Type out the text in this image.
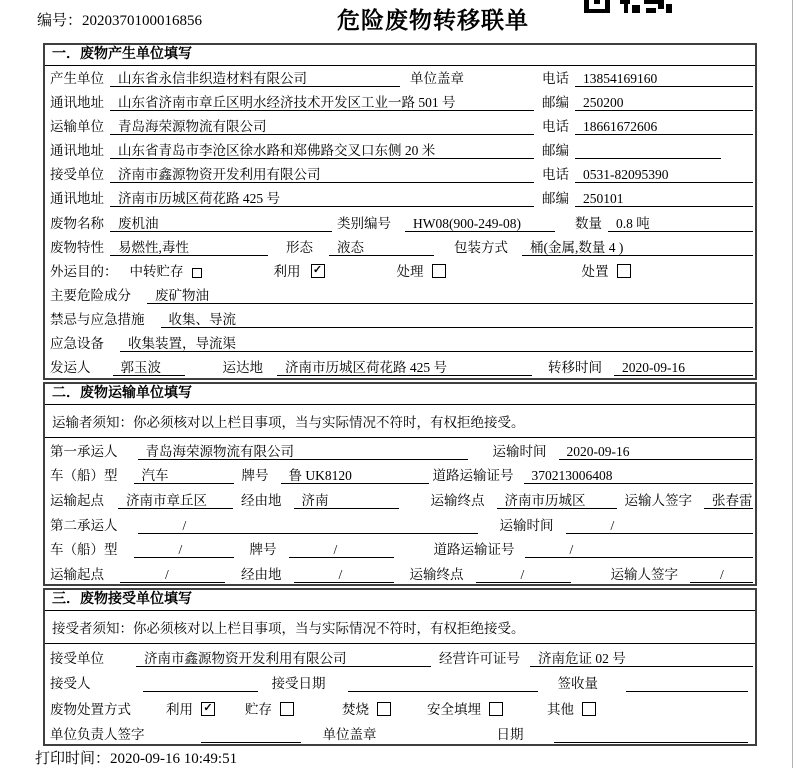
编号：2020370100016856	危险废物转移联单
一．废物产生单位填写
产生单位	山东省永信非织造材料有限公司	单位盖章	电话	13854169160
通讯地址	山东省济南市章丘区明水经济技术开发区工业一路 501 号	邮编	250200
运输单位	青岛海荣源物流有限公司	电话	18661672606
通讯地址	山东省青岛市李沧区徐水路和郑佛路交叉口东侧 20 米	邮编
接受单位	济南市鑫源物资开发利用有限公司	电话	0531-82095390
通讯地址	济南市历城区荷花路 425 号	邮编	250101
废物名称	废机油	类别编号	HW08(900-249-08)	数量	0.8 吨
废物特性	易燃性,毒性	形态	液态	包装方式	桶(金属,数量 4 )
外运目的： 中转贮存	利用 ✓	处理	处置
主要危险成分	废矿物油
禁忌与应急措施	收集、导流
应急设备	收集装置，导流渠
发运人	郭玉波	运达地	济南市历城区荷花路 425 号	转移时间	2020-09-16
二．废物运输单位填写
运输者须知：你必须核对以上栏目事项，当与实际情况不符时，有权拒绝接受。
第一承运人	青岛海荣源物流有限公司	运输时间	2020-09-16
车（船）型	汽车	牌号	鲁 UK8120	道路运输证号	370213006408
运输起点	济南市章丘区	经由地	济南	运输终点	济南市历城区	运输人签字	张春雷
第二承运人	/	运输时间	/
车（船）型	/	牌号	/	道路运输证号	/
运输起点	/	经由地	/	运输终点	/	运输人签字	/
三．废物接受单位填写
接受者须知：你必须核对以上栏目事项，当与实际情况不符时，有权拒绝接受。
接受单位	济南市鑫源物资开发利用有限公司	经营许可证号	济南危证 02 号
接受人	接受日期	签收量
废物处置方式	利用 ✓ 贮存	焚烧	安全填埋	其他
单位负责人签字	单位盖章	日期
打印时间：2020-09-16 10:49:51
